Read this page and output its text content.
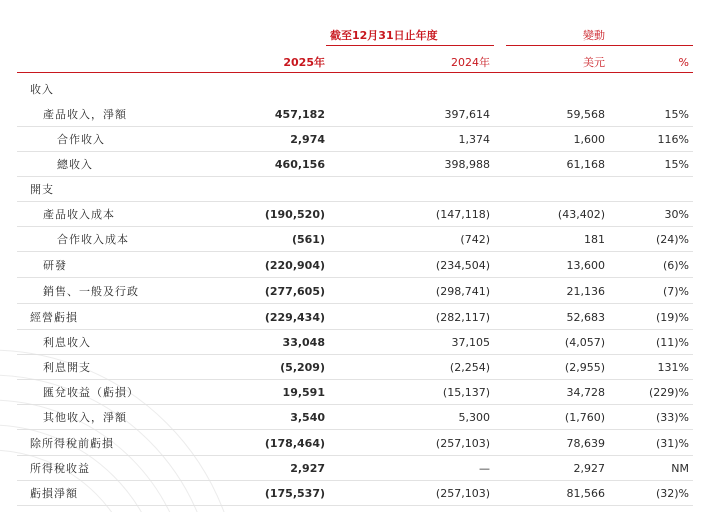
截至12月31日止年度	變動
2025年	2024年	美元	%
收入
產品收入，淨額	457,182	397,614	59,568	15%
合作收入	2,974	1,374	1,600	116%
總收入	460,156	398,988	61,168	15%
開支
產品收入成本	(190,520)	(147,118)	(43,402)	30%
合作收入成本	(561)	(742)	181	(24)%
研發	(220,904)	(234,504)	13,600	(6)%
銷售、一般及行政	(277,605)	(298,741)	21,136	(7)%
經營虧損	(229,434)	(282,117)	52,683	(19)%
利息收入	33,048	37,105	(4,057)	(11)%
利息開支	(5,209)	(2,254)	(2,955)	131%
匯兌收益（虧損）	19,591	(15,137)	34,728	(229)%
其他收入，淨額	3,540	5,300	(1,760)	(33)%
除所得稅前虧損	(178,464)	(257,103)	78,639	(31)%
所得稅收益	2,927	—	2,927	NM
虧損淨額	(175,537)	(257,103)	81,566	(32)%
